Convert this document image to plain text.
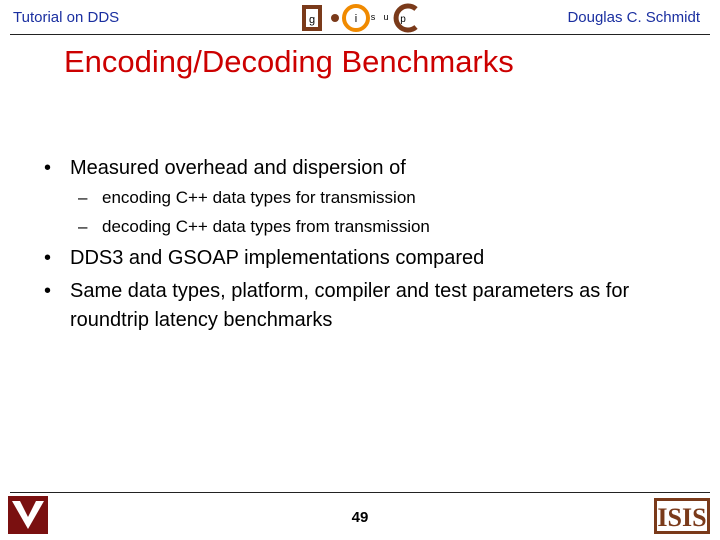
Tutorial on DDS	g	r i s u p	Douglas C. Schmidt
Encoding/Decoding Benchmarks
• Measured overhead and dispersion of
– encoding C++ data types for transmission
– decoding C++ data types from transmission
• DDS3 and GSOAP implementations compared
• Same data types, platform, compiler and test parameters as for roundtrip latency benchmarks
49	ISIS
